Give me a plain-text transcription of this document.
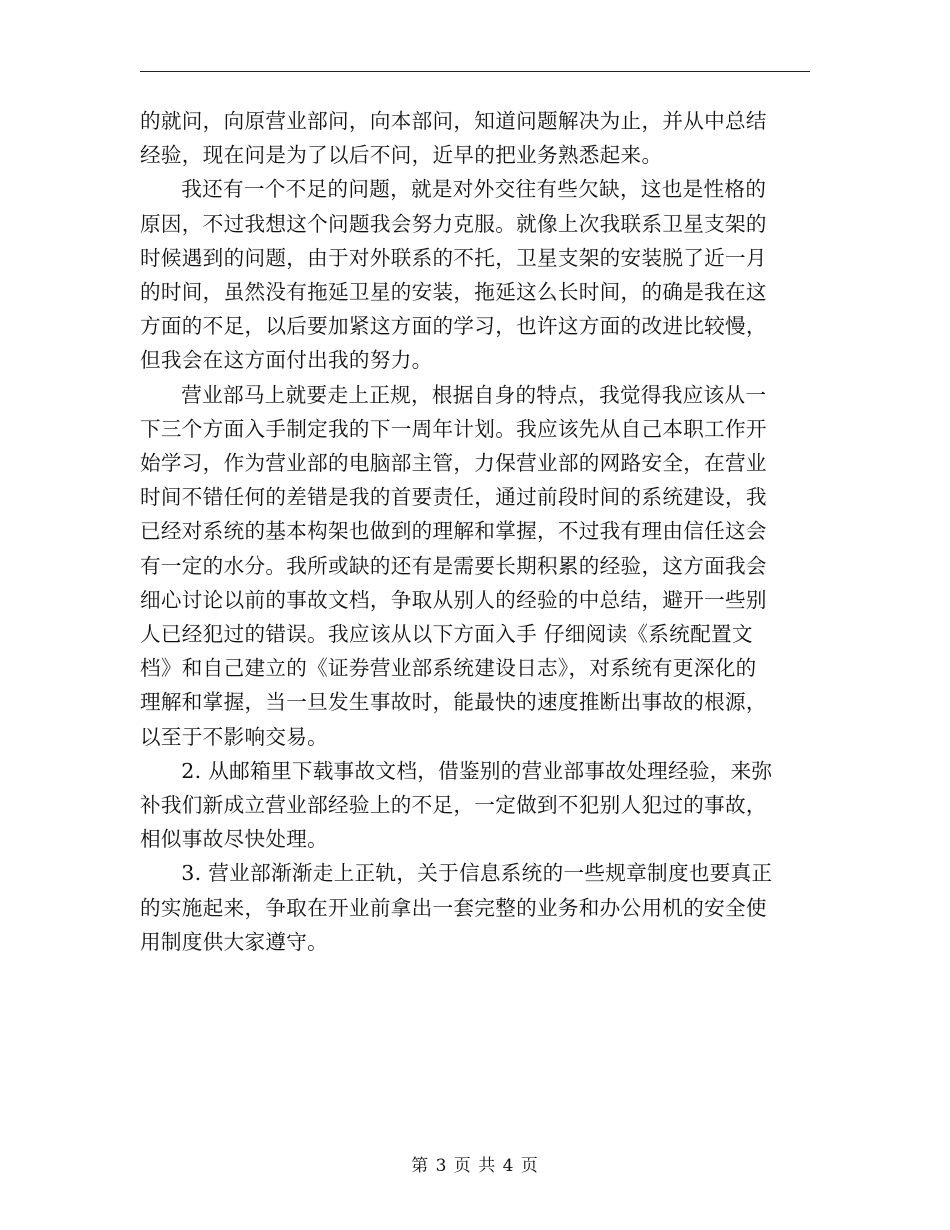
的就问，向原营业部问，向本部问，知道问题解决为止，并从中总结
经验，现在问是为了以后不问，近早的把业务熟悉起来。

我还有一个不足的问题，就是对外交往有些欠缺，这也是性格的
原因，不过我想这个问题我会努力克服。就像上次我联系卫星支架的
时候遇到的问题，由于对外联系的不托，卫星支架的安装脱了近一月
的时间，虽然没有拖延卫星的安装，拖延这么长时间，的确是我在这
方面的不足，以后要加紧这方面的学习，也许这方面的改进比较慢，
但我会在这方面付出我的努力。

营业部马上就要走上正规，根据自身的特点，我觉得我应该从一
下三个方面入手制定我的下一周年计划。我应该先从自己本职工作开
始学习，作为营业部的电脑部主管，力保营业部的网路安全，在营业
时间不错任何的差错是我的首要责任，通过前段时间的系统建设，我
已经对系统的基本构架也做到的理解和掌握，不过我有理由信任这会
有一定的水分。我所或缺的还有是需要长期积累的经验，这方面我会
细心讨论以前的事故文档，争取从别人的经验的中总结，避开一些别
人已经犯过的错误。我应该从以下方面入手 仔细阅读《系统配置文
档》和自己建立的《证券营业部系统建设日志》，对系统有更深化的
理解和掌握，当一旦发生事故时，能最快的速度推断出事故的根源，
以至于不影响交易。

2. 从邮箱里下载事故文档，借鉴别的营业部事故处理经验，来弥
补我们新成立营业部经验上的不足，一定做到不犯别人犯过的事故，
相似事故尽快处理。

3. 营业部渐渐走上正轨，关于信息系统的一些规章制度也要真正
的实施起来，争取在开业前拿出一套完整的业务和办公用机的安全使
用制度供大家遵守。

第 3 页 共 4 页
